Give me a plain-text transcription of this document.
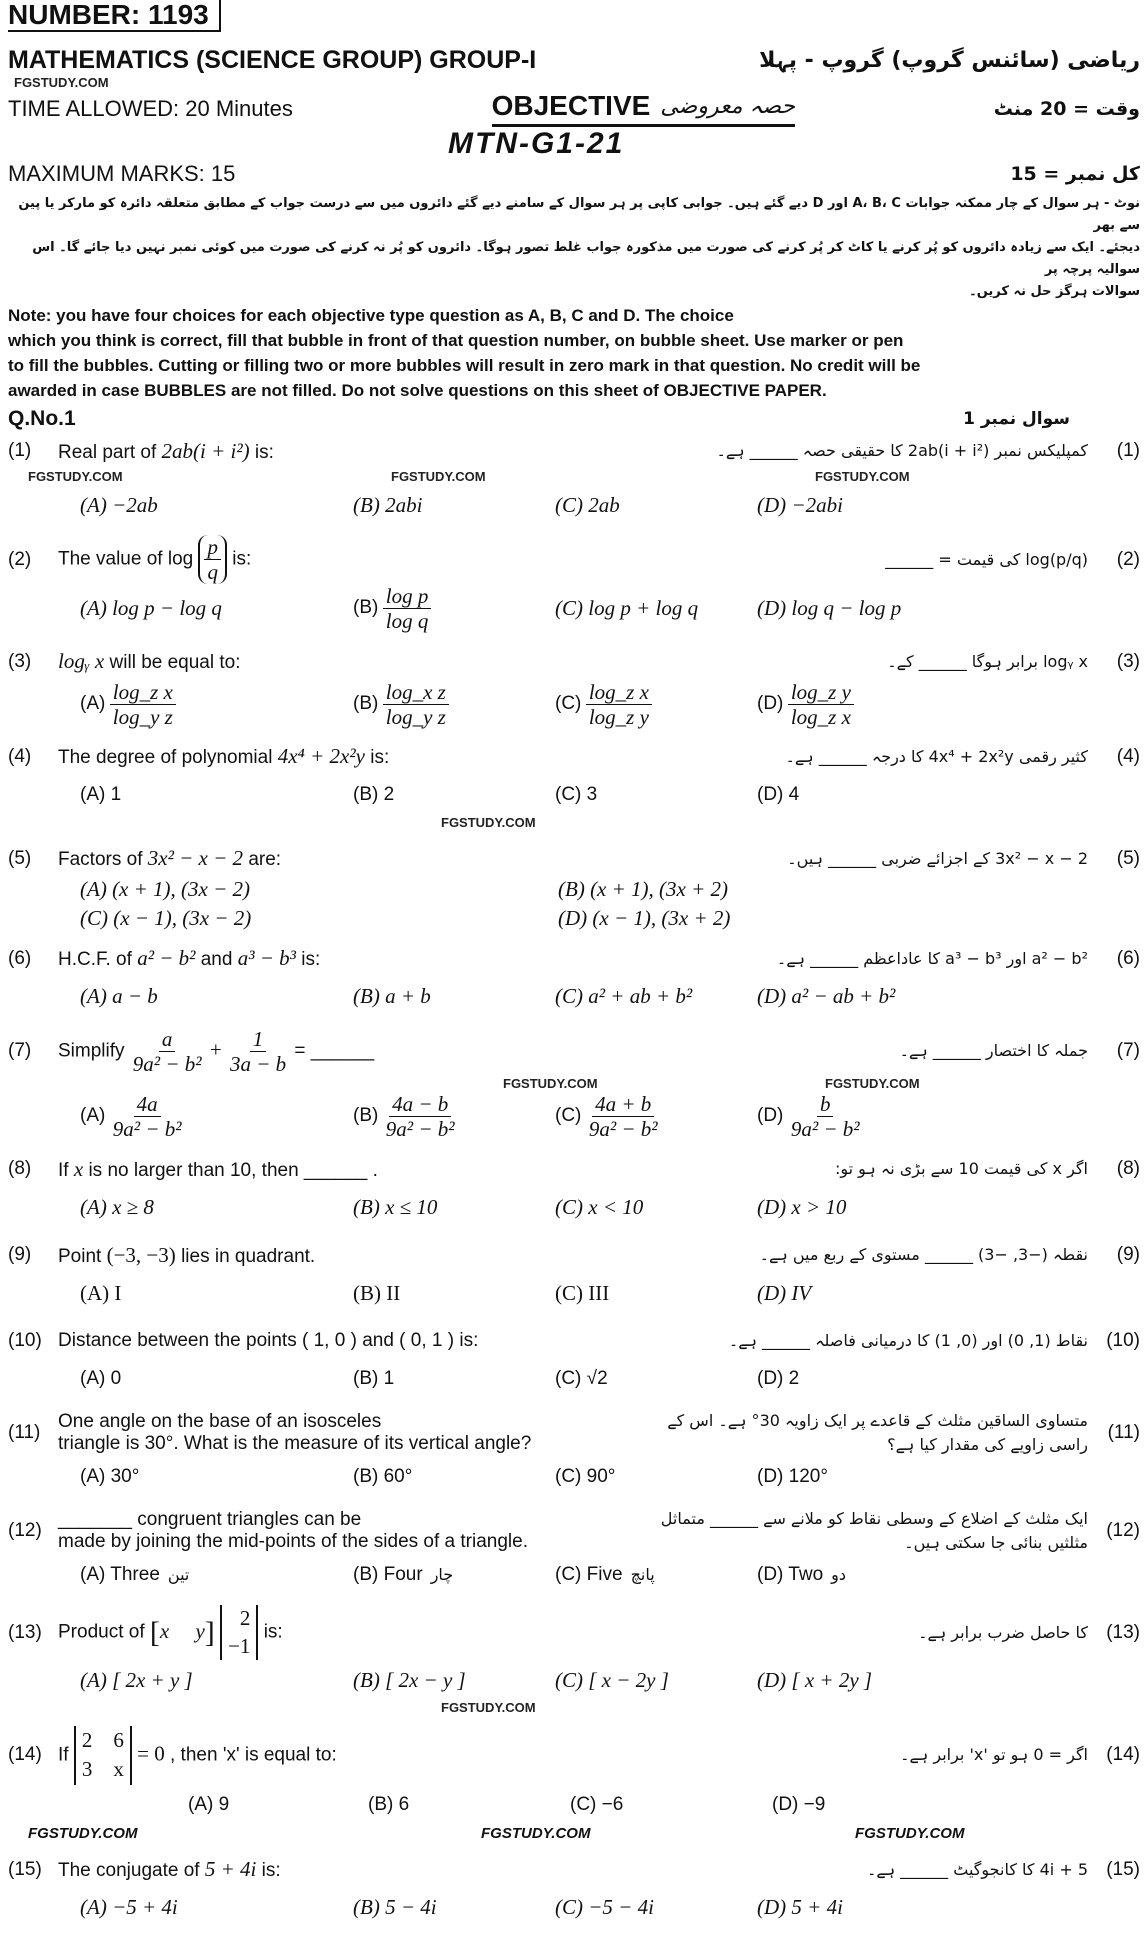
NUMBER: 1193
MATHEMATICS (SCIENCE GROUP) GROUP-I	ریاضی (سائنس گروپ) گروپ - پہلا
FGSTUDY.COM
TIME ALLOWED: 20 Minutes	OBJECTIVE حصہ معروضی	وقت = 20 منٹ
MTN-G1-21
MAXIMUM MARKS: 15	کل نمبر = 15
نوٹ - ہر سوال کے چار ممکنہ جوابات A، B، C اور D دیے گئے ہیں۔ جوابی کاپی پر ہر سوال کے سامنے دیے گئے دائروں میں سے درست جواب کے مطابق متعلقہ دائرہ کو مارکر یا پین سے بھر
دیجئے۔ ایک سے زیادہ دائروں کو پُر کرنے یا کاٹ کر پُر کرنے کی صورت میں مذکورہ جواب غلط تصور ہوگا۔ دائروں کو پُر نہ کرنے کی صورت میں کوئی نمبر نہیں دیا جائے گا۔ اس سوالیہ پرچہ پر
سوالات ہرگز حل نہ کریں۔
Note: you have four choices for each objective type question as A, B, C and D. The choice
which you think is correct, fill that bubble in front of that question number, on bubble sheet. Use marker or pen
to fill the bubbles. Cutting or filling two or more bubbles will result in zero mark in that question. No credit will be
awarded in case BUBBLES are not filled. Do not solve questions on this sheet of OBJECTIVE PAPER.
Q.No.1	سوال نمبر 1
(1)	Real part of 2ab(i + i²) is:	کمپلیکس نمبر 2ab(i + i²) کا حقیقی حصہ ______ ہے۔	(1)
FGSTUDY.COM	FGSTUDY.COM	FGSTUDY.COM
(A) −2ab	(B) 2abi	(C) 2ab	(D) −2abi
(2)	The value of $\log \frac{p}{q}$ is:	log(p/q) کی قیمت = ______	(2)
(A) log p − log q	$(B) \frac{\text{log p}}{\text{log q}}$	(C) log p + log q	(D) log q − log p
(3)	logᵧ x will be equal to:	logᵧ x برابر ہوگا ______ کے۔	(3)
$(A) \frac{\text{log\_z x}}{\text{log\_y z}}$	$(B) \frac{\text{log\_x z}}{\text{log\_y z}}$	$(C) \frac{\text{log\_z x}}{\text{log\_z y}}$	$(D) \frac{\text{log\_z y}}{\text{log\_z x}}$
(4)	The degree of polynomial 4x⁴ + 2x²y is:	کثیر رقمی 4x⁴ + 2x²y کا درجہ ______ ہے۔	(4)
(A) 1	(B) 2	(C) 3	(D) 4
FGSTUDY.COM
(5)	Factors of 3x² − x − 2 are:	3x² − x − 2 کے اجزائے ضربی ______ ہیں۔	(5)
(A) (x + 1), (3x − 2)	(B) (x + 1), (3x + 2)
(C) (x − 1), (3x − 2)	(D) (x − 1), (3x + 2)
(6)	H.C.F. of a² − b² and a³ − b³ is:	a² − b² اور a³ − b³ کا عاداعظم ______ ہے۔	(6)
(A) a − b	(B) a + b	(C) a² + ab + b²	(D) a² − ab + b²
(7)	Simplify $\frac{a}{\text{9a² − b²}} + \frac{1}{3a - b}$ = ______	جملہ کا اختصار ______ ہے۔	(7)
FGSTUDY.COM	FGSTUDY.COM
$(A) \frac{4a}{\text{9a² − b²}}$	$(B) \frac{4a - b}{\text{9a² − b²}}$	$(C) \frac{4a + b}{\text{9a² − b²}}$	$(D) \frac{b}{\text{9a² − b²}}$
(8)	If x is no larger than 10, then ______ .	اگر x کی قیمت 10 سے بڑی نہ ہو تو:	(8)
(A) x ≥ 8	(B) x ≤ 10	(C) x < 10	(D) x > 10
(9)	Point (−3, −3) lies in quadrant.	نقطہ (−3, −3) ______ مستوی کے ربع میں ہے۔	(9)
(A) I	(B) II	(C) III	(D) IV
(10) Distance between the points ( 1, 0 ) and ( 0, 1 ) is:	نقاط (1, 0) اور (0, 1) کا درمیانی فاصلہ ______ ہے۔ (10)
(A) 0	(B) 1	(C) √2	(D) 2
(11)
One angle on the base of an isosceles
triangle is 30°. What is the measure of its vertical angle?
متساوی الساقین مثلث کے قاعدے پر ایک زاویہ 30° ہے۔ اس کے راسی زاویے کی مقدار کیا ہے؟
(11)
(A) 30°	(B) 60°	(C) 90°	(D) 120°
(12)
_______ congruent triangles can be
made by joining the mid-points of the sides of a triangle.
ایک مثلث کے اضلاع کے وسطی نقاط کو ملانے سے ______ متماثل مثلثیں بنائی جا سکتی ہیں۔
(12)
(A) Three تین	(B) Four چار	(C) Five پانچ	(D) Two دو
(13) Product of [x     y]	2
−1
is:	کا حاصل ضرب برابر ہے۔ (13)
(A) [ 2x + y ]	(B) [ 2x − y ]	(C) [ x − 2y ]	(D) [ x + 2y ]
FGSTUDY.COM
(14) If
2    6
3    x
= 0 , then 'x' is equal to:	اگر = 0 ہو تو 'x' برابر ہے۔ (14)
(A) 9	(B) 6	(C) −6	(D) −9
FGSTUDY.COM	FGSTUDY.COM	FGSTUDY.COM
(15) The conjugate of 5 + 4i is:	5 + 4i کا کانجوگیٹ ______ ہے۔ (15)
(A) −5 + 4i	(B) 5 − 4i	(C) −5 − 4i	(D) 5 + 4i
